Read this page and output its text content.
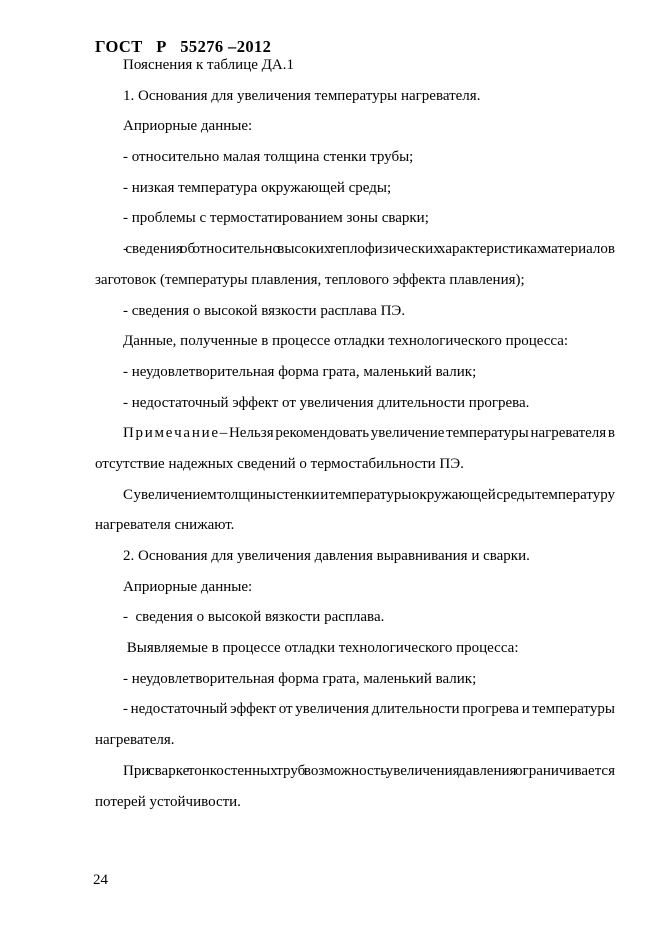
ГОСТ   Р   55276 –2012
Пояснения к таблице ДА.1
1. Основания для увеличения температуры нагревателя.
Априорные данные:
- относительно малая толщина стенки трубы;
- низкая температура окружающей среды;
- проблемы с термостатированием зоны сварки;
- сведения об относительно высоких теплофизических характеристиках материалов
заготовок (температуры плавления, теплового эффекта плавления);
- сведения о высокой вязкости расплава ПЭ.
Данные, полученные в процессе отладки технологического процесса:
- неудовлетворительная форма грата, маленький валик;
- недостаточный эффект от увеличения длительности прогрева.
П р и м е ч а н и е – Нельзя рекомендовать увеличение температуры нагревателя в
отсутствие надежных сведений о термостабильности ПЭ.
С увеличением толщины стенки и температуры окружающей среды температуру
нагревателя снижают.
2. Основания для увеличения давления выравнивания и сварки.
Априорные данные:
-  сведения о высокой вязкости расплава.
Выявляемые в процессе отладки технологического процесса:
- неудовлетворительная форма грата, маленький валик;
- недостаточный эффект от увеличения длительности прогрева и температуры
нагревателя.
При сварке тонкостенных труб возможность увеличения давления ограничивается
потерей устойчивости.
24
